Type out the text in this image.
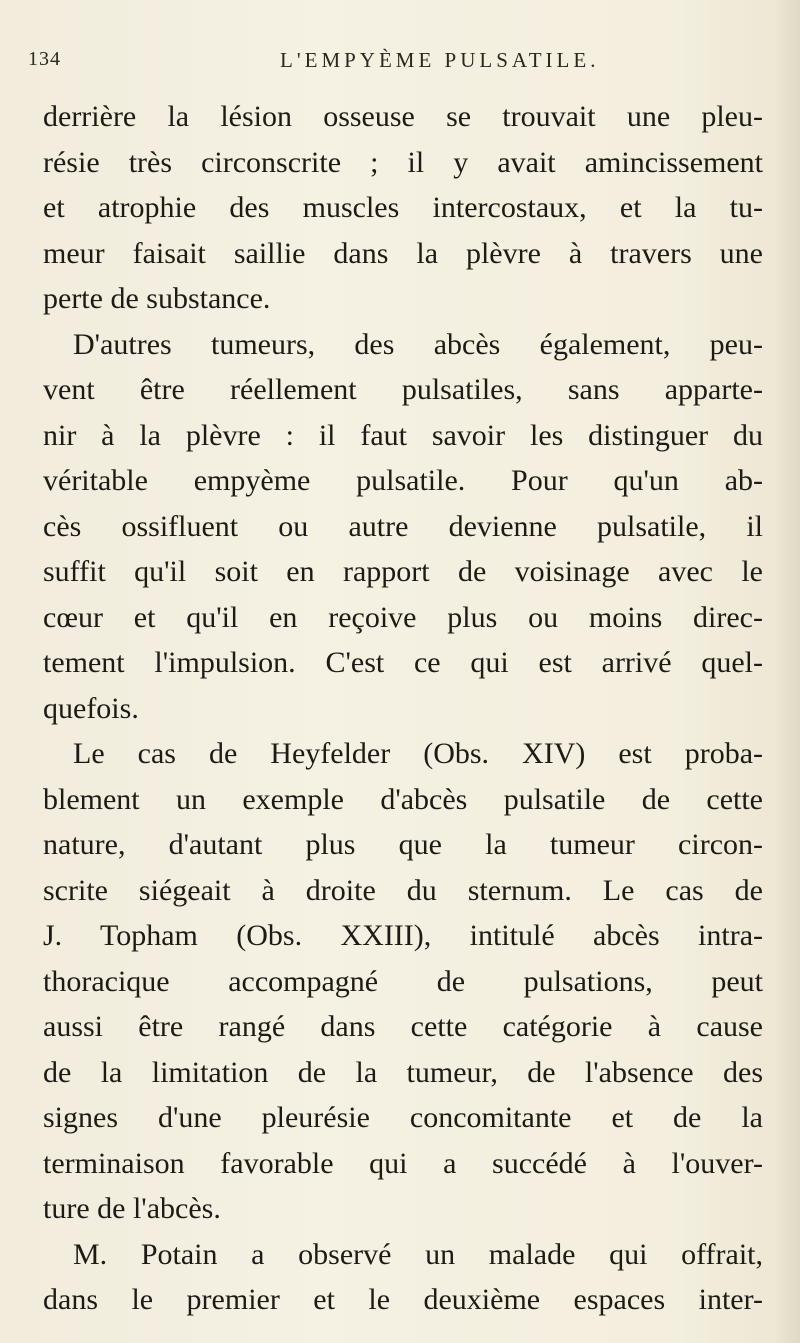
134	L'EMPYÈME PULSATILE.
derrière la lésion osseuse se trouvait une pleu-
résie très circonscrite ; il y avait amincissement
et atrophie des muscles intercostaux, et la tu-
meur faisait saillie dans la plèvre à travers une
perte de substance.
D'autres tumeurs, des abcès également, peu-
vent être réellement pulsatiles, sans apparte-
nir à la plèvre : il faut savoir les distinguer du
véritable empyème pulsatile. Pour qu'un ab-
cès ossifluent ou autre devienne pulsatile, il
suffit qu'il soit en rapport de voisinage avec le
cœur et qu'il en reçoive plus ou moins direc-
tement l'impulsion. C'est ce qui est arrivé quel-
quefois.
Le cas de Heyfelder (Obs. XIV) est proba-
blement un exemple d'abcès pulsatile de cette
nature, d'autant plus que la tumeur circon-
scrite siégeait à droite du sternum. Le cas de
J. Topham (Obs. XXIII), intitulé abcès intra-
thoracique accompagné de pulsations, peut
aussi être rangé dans cette catégorie à cause
de la limitation de la tumeur, de l'absence des
signes d'une pleurésie concomitante et de la
terminaison favorable qui a succédé à l'ouver-
ture de l'abcès.
M. Potain a observé un malade qui offrait,
dans le premier et le deuxième espaces inter-
